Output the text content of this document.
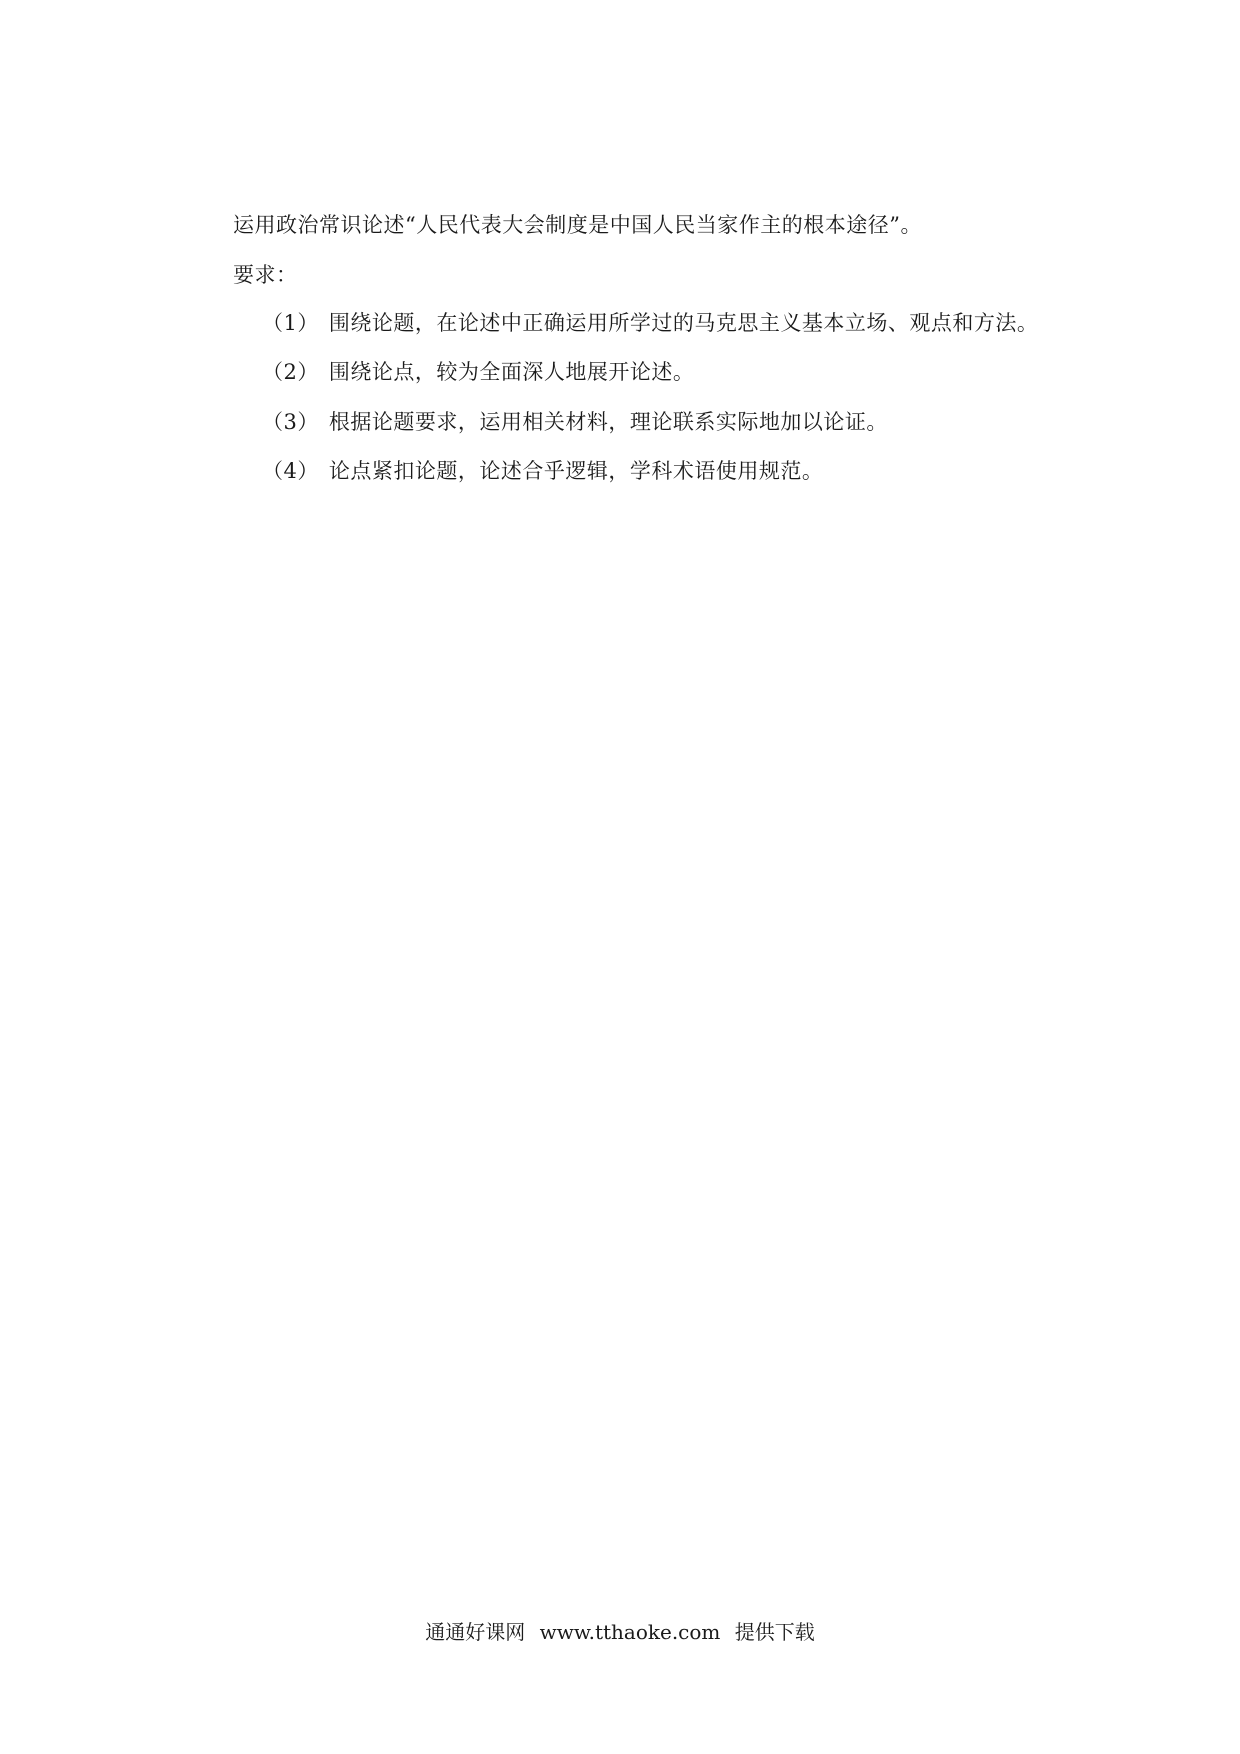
运用政治常识论述“人民代表大会制度是中国人民当家作主的根本途径”。
要求：
（1） 围绕论题，在论述中正确运用所学过的马克思主义基本立场、观点和方法。
（2） 围绕论点，较为全面深人地展开论述。
（3） 根据论题要求，运用相关材料，理论联系实际地加以论证。
（4） 论点紧扣论题，论述合乎逻辑，学科术语使用规范。
通通好课网 www.tthaoke.com 提供下载
